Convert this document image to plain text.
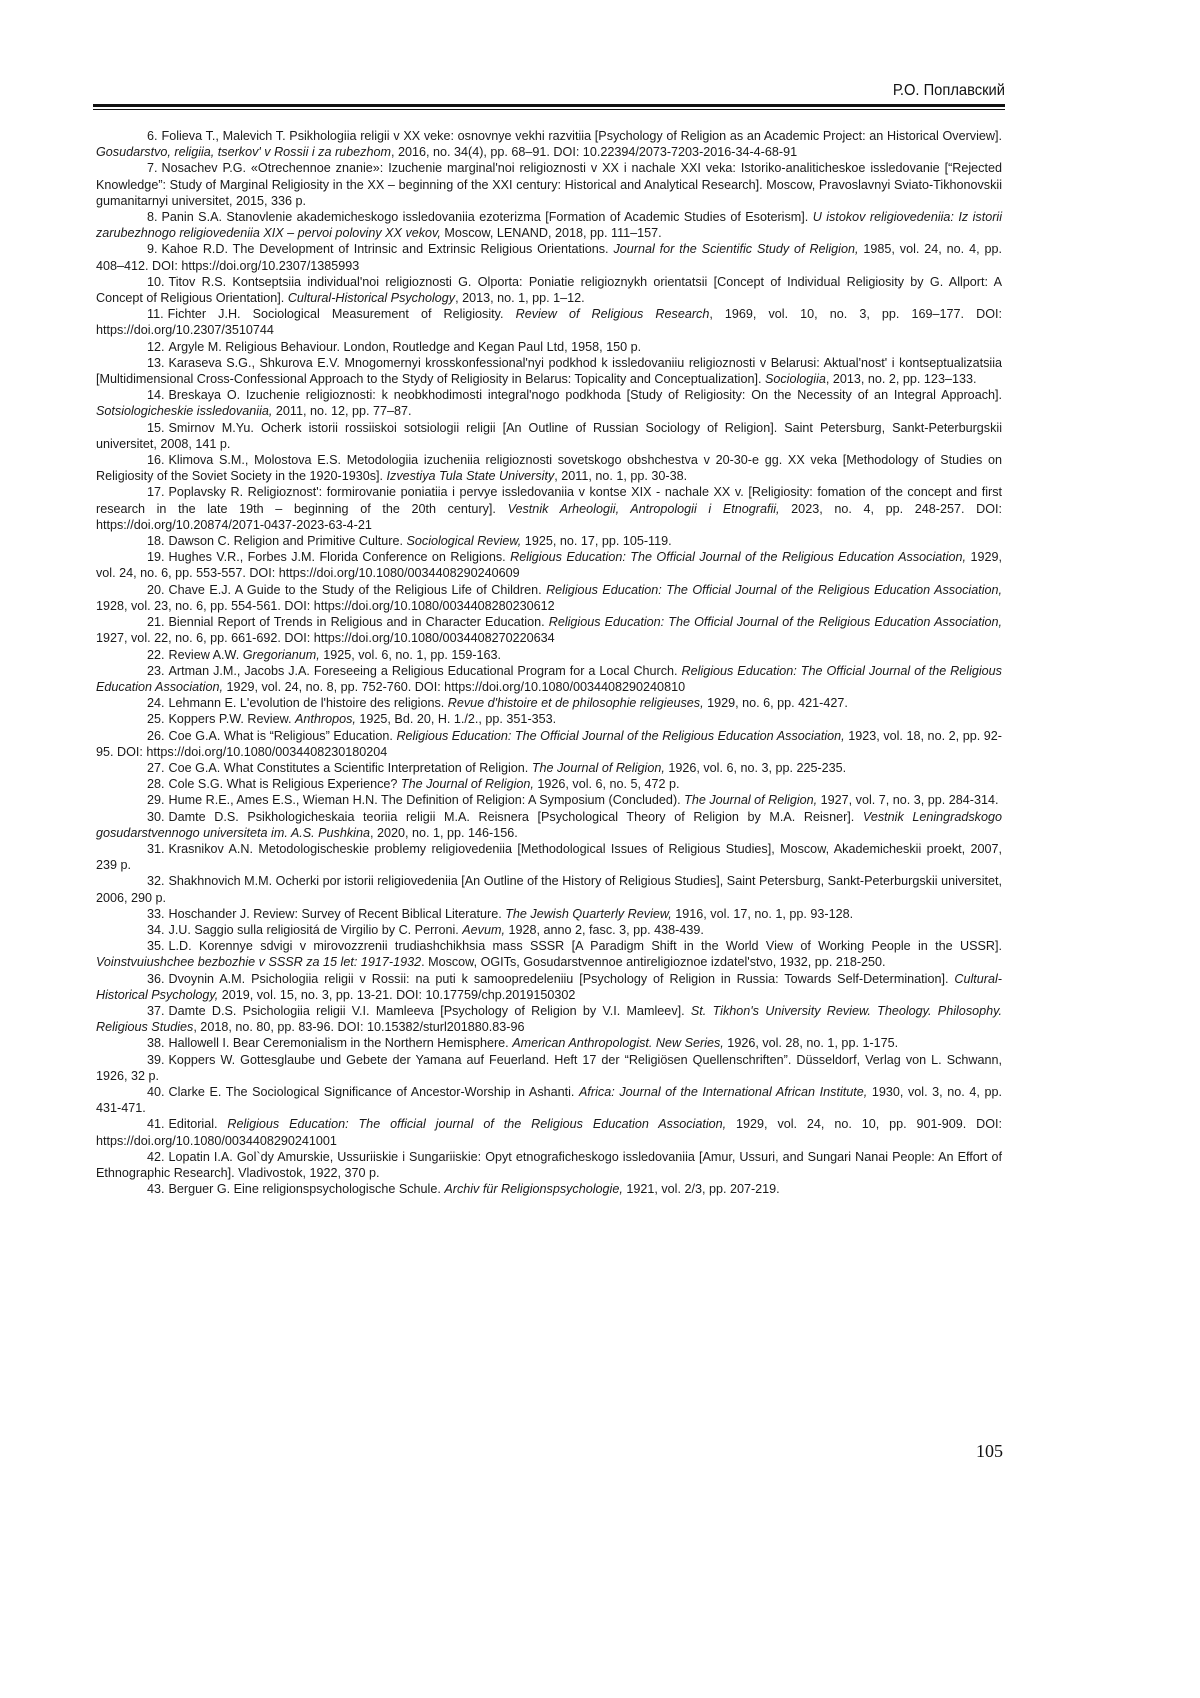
Р.О. Поплавский

6. Folieva T., Malevich T. Psikhologiia religii v XX veke: osnovnye vekhi razvitiia [Psychology of Religion as an Academic Project: an Historical Overview]. Gosudarstvo, religiia, tserkov' v Rossii i za rubezhom, 2016, no. 34(4), pp. 68–91. DOI: 10.22394/2073-7203-2016-34-4-68-91

7. Nosachev P.G. «Otrechennoe znanie»: Izuchenie marginal'noi religioznosti v XX i nachale XXI veka: Istoriko-analiticheskoe issledovanie [“Rejected Knowledge”: Study of Marginal Religiosity in the XX – beginning of the XXI century: Historical and Analytical Research]. Moscow, Pravoslavnyi Sviato-Tikhonovskii gumanitarnyi universitet, 2015, 336 p.

8. Panin S.A. Stanovlenie akademicheskogo issledovaniia ezoterizma [Formation of Academic Studies of Esoterism]. U istokov religiovedeniia: Iz istorii zarubezhnogo religiovedeniia XIX – pervoi poloviny XX vekov, Moscow, LENAND, 2018, pp. 111–157.

9. Kahoe R.D. The Development of Intrinsic and Extrinsic Religious Orientations. Journal for the Scientific Study of Religion, 1985, vol. 24, no. 4, pp. 408–412. DOI: https://doi.org/10.2307/1385993

10. Titov R.S. Kontseptsiia individual'noi religioznosti G. Olporta: Poniatie religioznykh orientatsii [Concept of Individual Religiosity by G. Allport: A Concept of Religious Orientation]. Cultural-Historical Psychology, 2013, no. 1, pp. 1–12.

11. Fichter J.H. Sociological Measurement of Religiosity. Review of Religious Research, 1969, vol. 10, no. 3, pp. 169–177. DOI: https://doi.org/10.2307/3510744

12. Argyle M. Religious Behaviour. London, Routledge and Kegan Paul Ltd, 1958, 150 p.

13. Karaseva S.G., Shkurova E.V. Mnogomernyi krosskonfessional'nyi podkhod k issledovaniiu religioznosti v Belarusi: Aktual'nost' i kontseptualizatsiia [Multidimensional Cross-Confessional Approach to the Stydy of Religiosity in Belarus: Topicality and Conceptualization]. Sociologiia, 2013, no. 2, pp. 123–133.

14. Breskaya O. Izuchenie religioznosti: k neobkhodimosti integral'nogo podkhoda [Study of Religiosity: On the Necessity of an Integral Approach]. Sotsiologicheskie issledovaniia, 2011, no. 12, pp. 77–87.

15. Smirnov M.Yu. Ocherk istorii rossiiskoi sotsiologii religii [An Outline of Russian Sociology of Religion]. Saint Petersburg, Sankt-Peterburgskii universitet, 2008, 141 p.

16. Klimova S.M., Molostova E.S. Metodologiia izucheniia religioznosti sovetskogo obshchestva v 20-30-e gg. XX veka [Methodology of Studies on Religiosity of the Soviet Society in the 1920-1930s]. Izvestiya Tula State University, 2011, no. 1, pp. 30-38.

17. Poplavsky R. Religioznost': formirovanie poniatiia i pervye issledovaniia v kontse XIX - nachale XX v. [Religiosity: fomation of the concept and first research in the late 19th – beginning of the 20th century]. Vestnik Arheologii, Antropologii i Etnografii, 2023, no. 4, pp. 248-257. DOI: https://doi.org/10.20874/2071-0437-2023-63-4-21

18. Dawson C. Religion and Primitive Culture. Sociological Review, 1925, no. 17, pp. 105-119.

19. Hughes V.R., Forbes J.M. Florida Conference on Religions. Religious Education: The Official Journal of the Religious Education Association, 1929, vol. 24, no. 6, pp. 553-557. DOI: https://doi.org/10.1080/0034408290240609

20. Chave E.J. A Guide to the Study of the Religious Life of Children. Religious Education: The Official Journal of the Religious Education Association, 1928, vol. 23, no. 6, pp. 554-561. DOI: https://doi.org/10.1080/0034408280230612

21. Biennial Report of Trends in Religious and in Character Education. Religious Education: The Official Journal of the Religious Education Association, 1927, vol. 22, no. 6, pp. 661-692. DOI: https://doi.org/10.1080/0034408270220634

22. Review A.W. Gregorianum, 1925, vol. 6, no. 1, pp. 159-163.

23. Artman J.M., Jacobs J.A. Foreseeing a Religious Educational Program for a Local Church. Religious Education: The Official Journal of the Religious Education Association, 1929, vol. 24, no. 8, pp. 752-760. DOI: https://doi.org/10.1080/0034408290240810

24. Lehmann E. L'evolution de l'histoire des religions. Revue d'histoire et de philosophie religieuses, 1929, no. 6, pp. 421-427.

25. Koppers P.W. Review. Anthropos, 1925, Bd. 20, H. 1./2., pp. 351-353.

26. Coe G.A. What is “Religious” Education. Religious Education: The Official Journal of the Religious Education Association, 1923, vol. 18, no. 2, pp. 92-95. DOI: https://doi.org/10.1080/0034408230180204

27. Coe G.A. What Constitutes a Scientific Interpretation of Religion. The Journal of Religion, 1926, vol. 6, no. 3, pp. 225-235.

28. Cole S.G. What is Religious Experience? The Journal of Religion, 1926, vol. 6, no. 5, 472 p.

29. Hume R.E., Ames E.S., Wieman H.N. The Definition of Religion: A Symposium (Concluded). The Journal of Religion, 1927, vol. 7, no. 3, pp. 284-314.

30. Damte D.S. Psikhologicheskaia teoriia religii M.A. Reisnera [Psychological Theory of Religion by M.A. Reisner]. Vestnik Leningradskogo gosudarstvennogo universiteta im. A.S. Pushkina, 2020, no. 1, pp. 146-156.

31. Krasnikov A.N. Metodologischeskie problemy religiovedeniia [Methodological Issues of Religious Studies], Moscow, Akademicheskii proekt, 2007, 239 p.

32. Shakhnovich M.M. Ocherki por istorii religiovedeniia [An Outline of the History of Religious Studies], Saint Petersburg, Sankt-Peterburgskii universitet, 2006, 290 p.

33. Hoschander J. Review: Survey of Recent Biblical Literature. The Jewish Quarterly Review, 1916, vol. 17, no. 1, pp. 93-128.

34. J.U. Saggio sulla religiositá de Virgilio by C. Perroni. Aevum, 1928, anno 2, fasc. 3, pp. 438-439.

35. L.D. Korennye sdvigi v mirovozzrenii trudiashchikhsia mass SSSR [A Paradigm Shift in the World View of Working People in the USSR]. Voinstvuiushchee bezbozhie v SSSR za 15 let: 1917-1932. Moscow, OGITs, Gosudarstvennoe antireligioznoe izdatel'stvo, 1932, pp. 218-250.

36. Dvoynin A.M. Psichologiia religii v Rossii: na puti k samoopredeleniiu [Psychology of Religion in Russia: Towards Self-Determination]. Cultural-Historical Psychology, 2019, vol. 15, no. 3, pp. 13-21. DOI: 10.17759/chp.2019150302

37. Damte D.S. Psichologiia religii V.I. Mamleeva [Psychology of Religion by V.I. Mamleev]. St. Tikhon's University Review. Theology. Philosophy. Religious Studies, 2018, no. 80, pp. 83-96. DOI: 10.15382/sturl201880.83-96

38. Hallowell I. Bear Ceremonialism in the Northern Hemisphere. American Anthropologist. New Series, 1926, vol. 28, no. 1, pp. 1-175.

39. Koppers W. Gottesglaube und Gebete der Yamana auf Feuerland. Heft 17 der “Religiösen Quellenschriften”. Düsseldorf, Verlag von L. Schwann, 1926, 32 p.

40. Clarke E. The Sociological Significance of Ancestor-Worship in Ashanti. Africa: Journal of the International African Institute, 1930, vol. 3, no. 4, pp. 431-471.

41. Editorial. Religious Education: The official journal of the Religious Education Association, 1929, vol. 24, no. 10, pp. 901-909. DOI: https://doi.org/10.1080/0034408290241001

42. Lopatin I.A. Gol`dy Amurskie, Ussuriiskie i Sungariiskie: Opyt etnograficheskogo issledovaniia [Amur, Ussuri, and Sungari Nanai People: An Effort of Ethnographic Research]. Vladivostok, 1922, 370 p.

43. Berguer G. Eine religionspsychologische Schule. Archiv für Religionspsychologie, 1921, vol. 2/3, pp. 207-219.

105
